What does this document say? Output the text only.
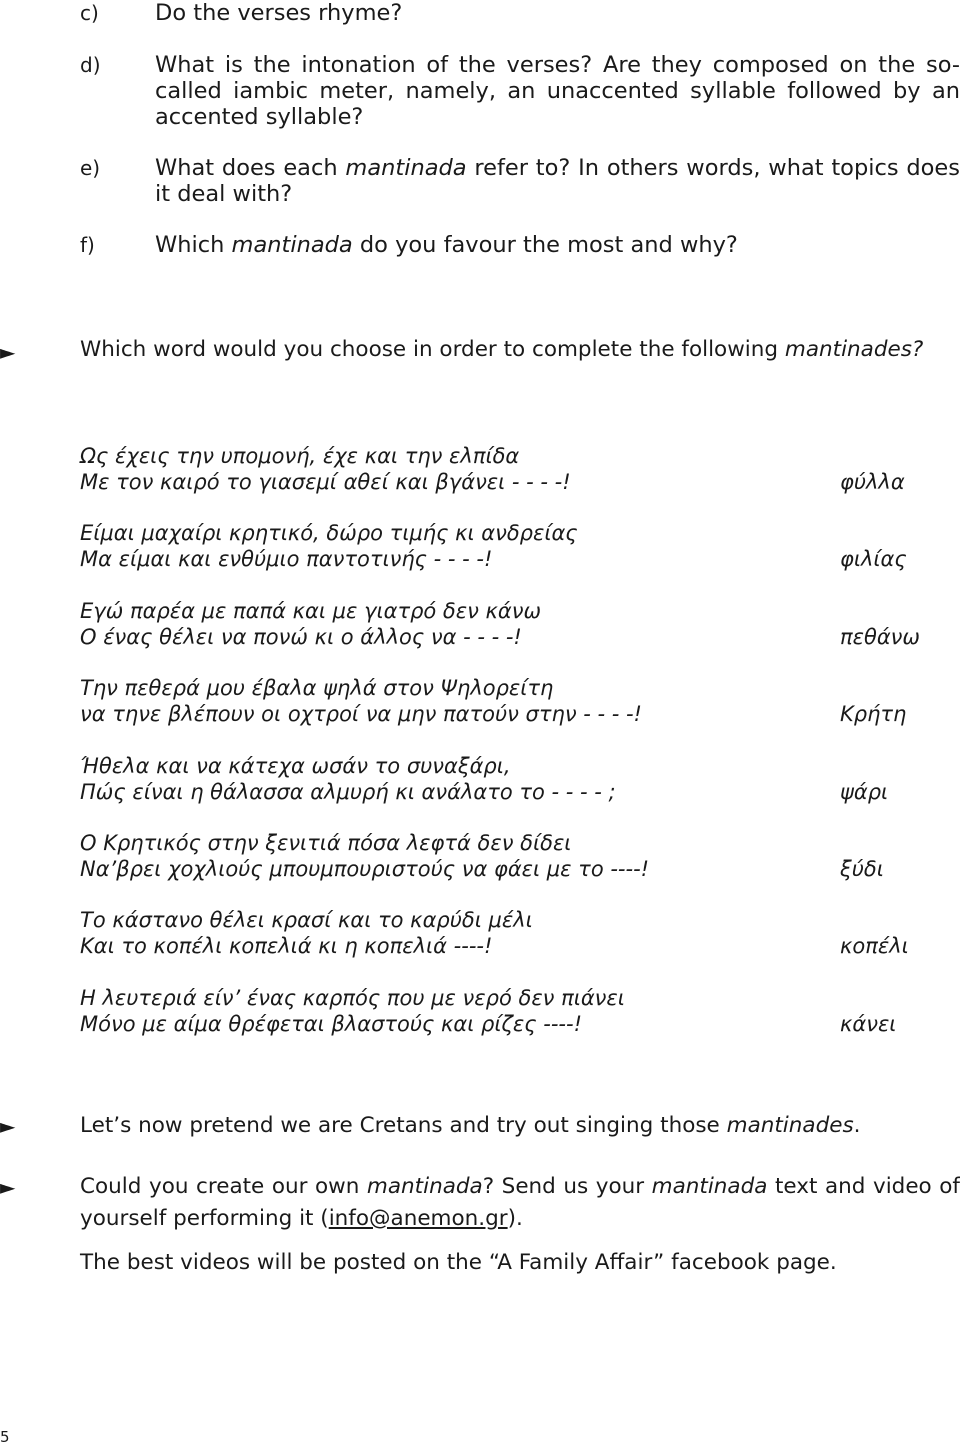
c) Do the verses rhyme?
d) What is the intonation of the verses? Are they composed on the so-called iambic meter, namely, an unaccented syllable followed by an accented syllable?
e) What does each mantinada refer to? In others words, what topics does it deal with?
f)	Which mantinada do you favour the most and why?
►	Which word would you choose in order to complete the following mantinades?
Ως έχεις την υπομονή, έχε και την ελπίδα
Με τον καιρό το γιασεμί αθεί και βγάνει - - - -!	φύλλα
Είμαι μαχαίρι κρητικό, δώρο τιμής κι ανδρείας
Μα είμαι και ενθύμιο παντοτινής - - - -!	φιλίας
Εγώ παρέα με παπά και με γιατρό δεν κάνω
Ο ένας θέλει να πονώ κι ο άλλος να - - - -!	πεθάνω
Την πεθερά μου έβαλα ψηλά στον Ψηλορείτη
να τηνε βλέπουν οι οχτροί να μην πατούν στην - - - -!	Κρήτη
Ήθελα και να κάτεχα ωσάν το συναξάρι,
Πώς είναι η θάλασσα αλμυρή κι ανάλατο το - - - - ;	ψάρι
Ο Κρητικός στην ξενιτιά πόσα λεφτά δεν δίδει
Να’βρει χοχλιούς μπουμπουριστούς να φάει με το ----!	ξύδι
Το κάστανο θέλει κρασί και το καρύδι μέλι
Και το κοπέλι κοπελιά κι η κοπελιά ----!	κοπέλι
Η λευτεριά είν’ ένας καρπός που με νερό δεν πιάνει
Μόνο με αίμα θρέφεται βλαστούς και ρίζες ----!	κάνει
►	Let’s now pretend we are Cretans and try out singing those mantinades.
►	Could you create our own mantinada? Send us your mantinada text and video of yourself performing it (info@anemon.gr).
The best videos will be posted on the “A Family Affair” facebook page.
5
